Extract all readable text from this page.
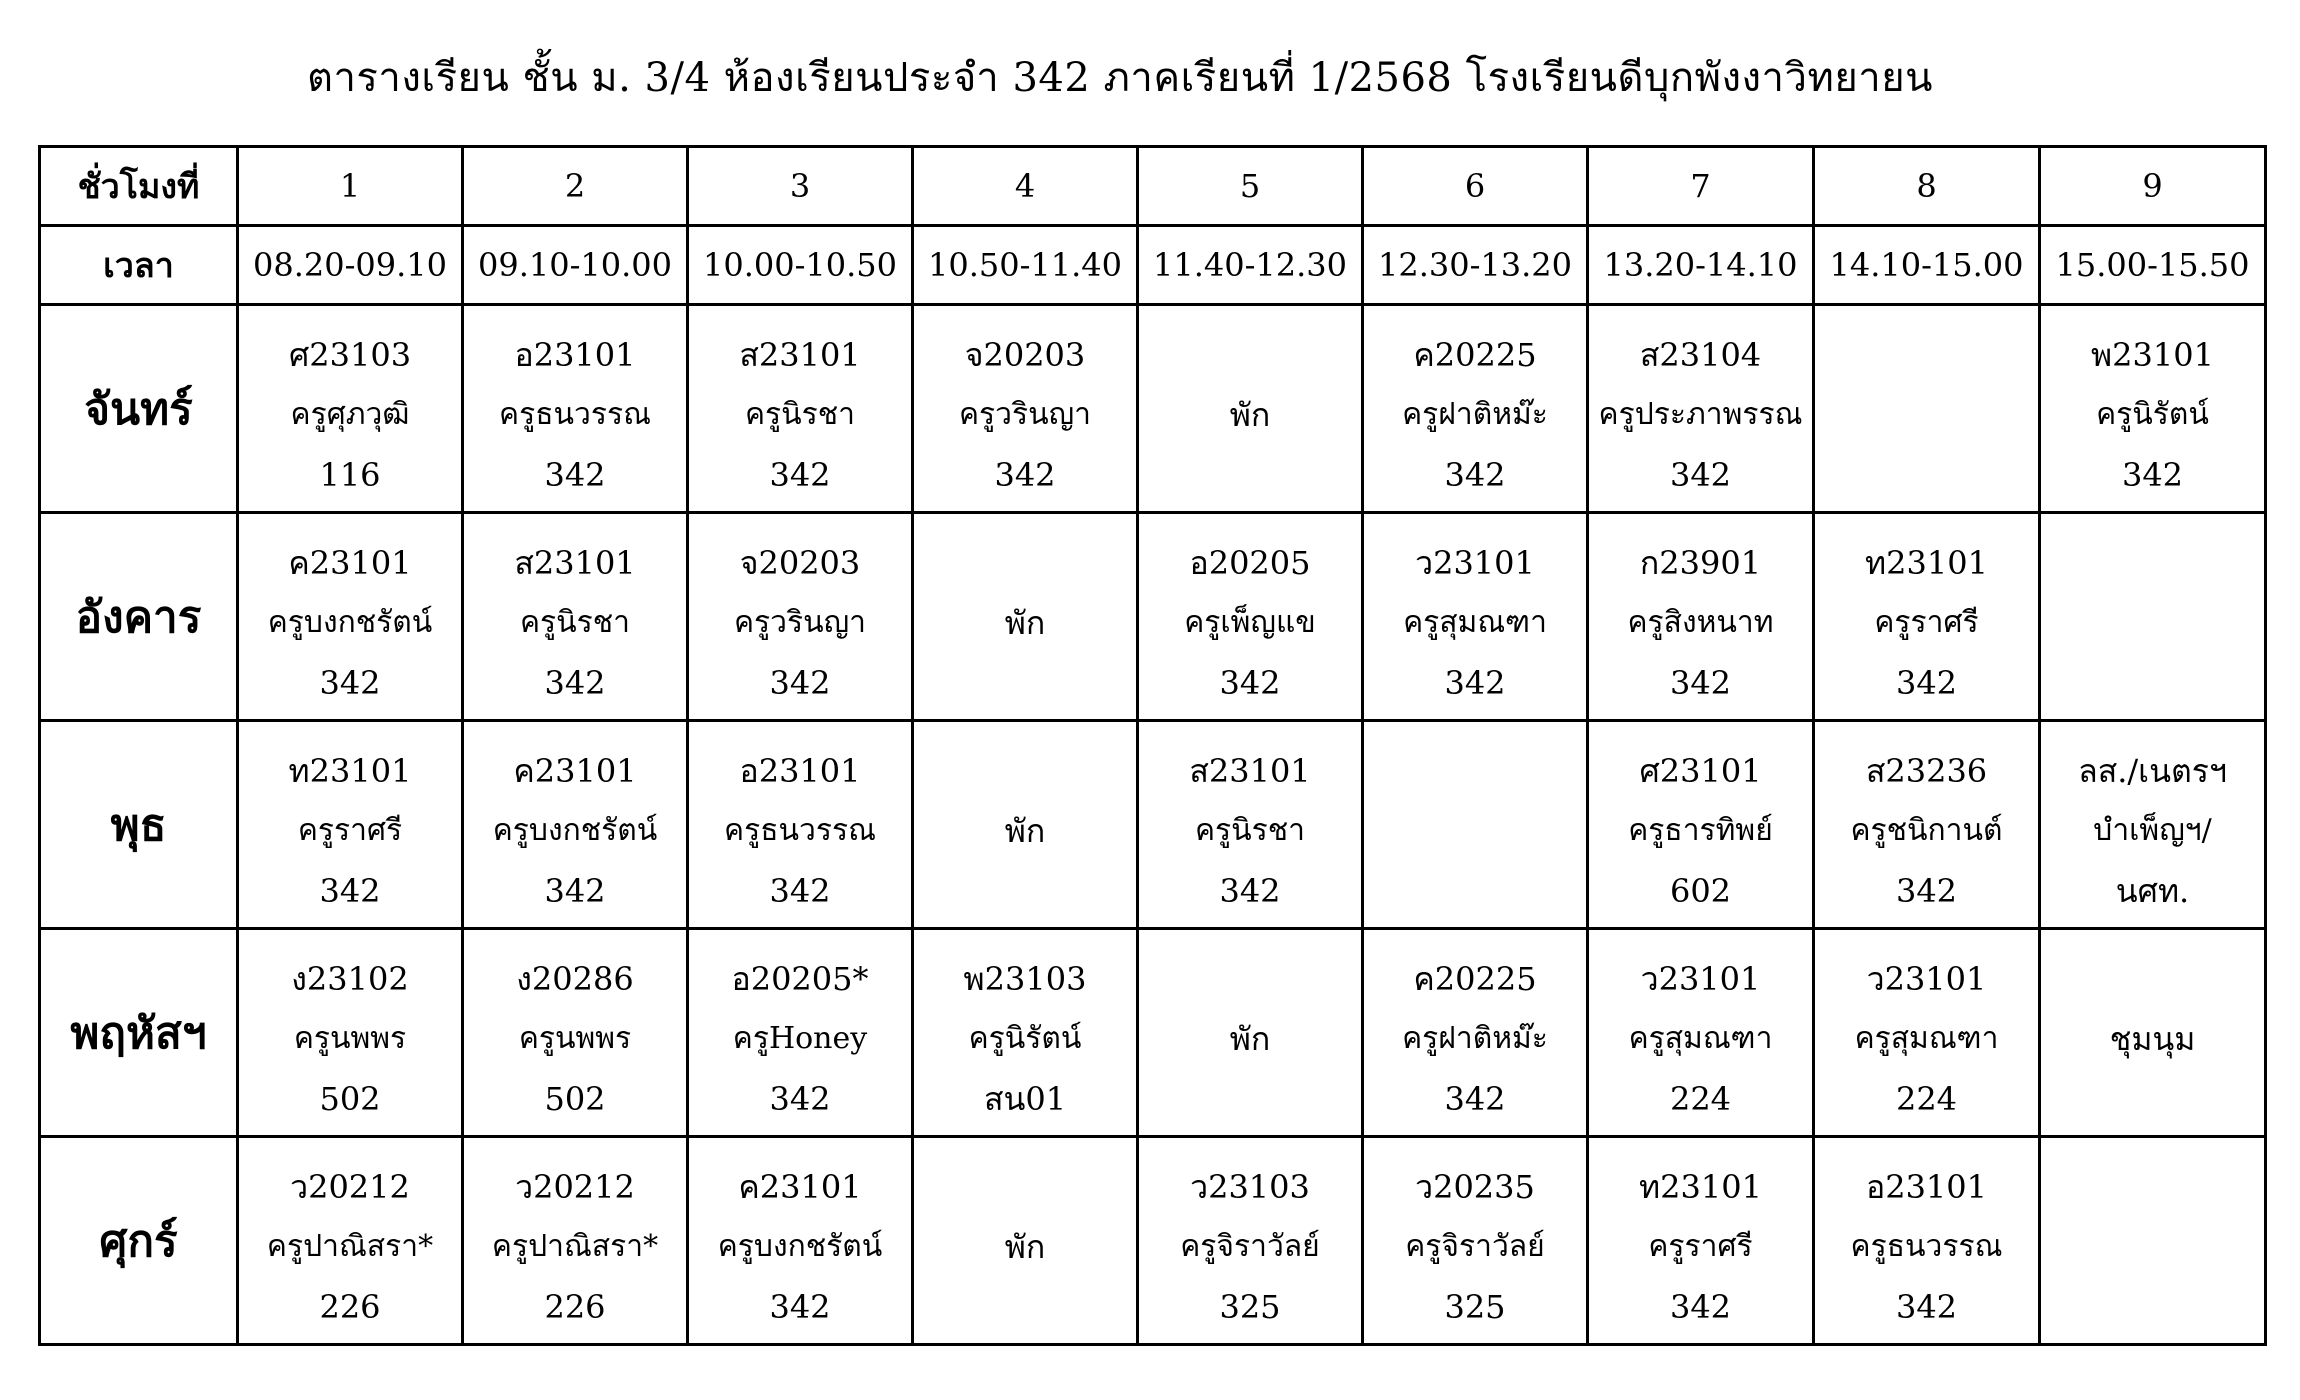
ตารางเรียน ชั้น ม. 3/4 ห้องเรียนประจำ 342 ภาคเรียนที่ 1/2568 โรงเรียนดีบุกพังงาวิทยายน
ชั่วโมงที่	1	2	3	4	5	6	7	8	9
เวลา	08.20-09.10	09.10-10.00	10.00-10.50	10.50-11.40	11.40-12.30	12.30-13.20	13.20-14.10	14.10-15.00	15.00-15.50
จันทร์	ศ23103
ครูศุภวุฒิ
116	อ23101
ครูธนวรรณ
342	ส23101
ครูนิรชา
342	จ20203
ครูวรินญา
342	พัก	ค20225
ครูฝาติหม๊ะ
342	ส23104
ครูประภาพรรณ
342		พ23101
ครูนิรัตน์
342

อังคาร	ค23101
ครูบงกชรัตน์
342	ส23101
ครูนิรชา
342	จ20203
ครูวรินญา
342	พัก	อ20205
ครูเพ็ญแข
342	ว23101
ครูสุมณฑา
342	ก23901
ครูสิงหนาท
342	ท23101
ครูราศรี
342	

พุธ	ท23101
ครูราศรี
342	ค23101
ครูบงกชรัตน์
342	อ23101
ครูธนวรรณ
342	พัก	ส23101
ครูนิรชา
342		ศ23101
ครูธารทิพย์
602	ส23236
ครูชนิกานต์
342	ลส./เนตรฯ
บำเพ็ญฯ/
นศท.

พฤหัสฯ	ง23102
ครูนพพร
502	ง20286
ครูนพพร
502	อ20205*
ครูHoney
342	พ23103
ครูนิรัตน์
สน01	พัก	ค20225
ครูฝาติหม๊ะ
342	ว23101
ครูสุมณฑา
224	ว23101
ครูสุมณฑา
224	ชุมนุม

ศุกร์	ว20212
ครูปาณิสรา*
226	ว20212
ครูปาณิสรา*
226	ค23101
ครูบงกชรัตน์
342	พัก	ว23103
ครูจิราวัลย์
325	ว20235
ครูจิราวัลย์
325	ท23101
ครูราศรี
342	อ23101
ครูธนวรรณ
342	
